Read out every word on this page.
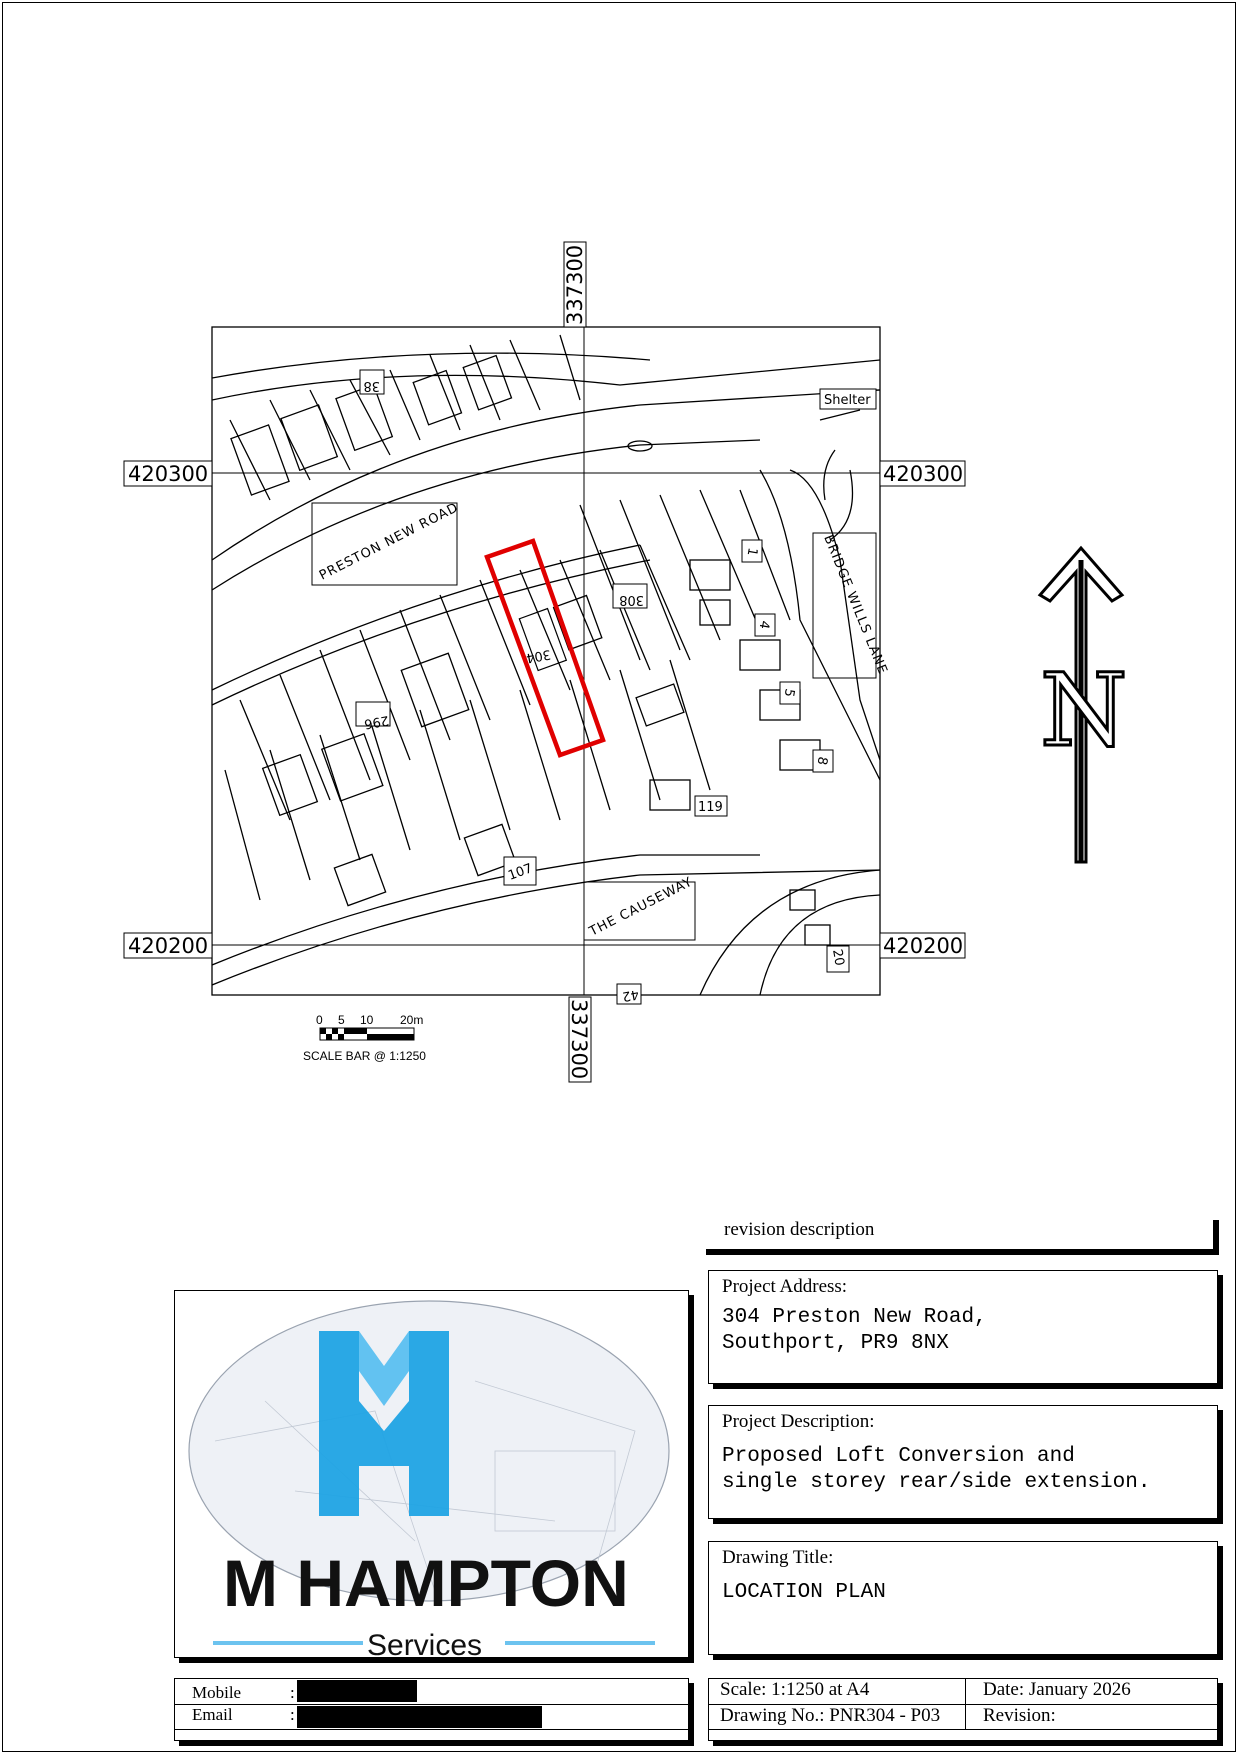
337300
337300
420300	420300
420200	420200
PRESTON NEW ROAD	BRIDGE WILLS LANE
THE CAUSEWAY
Shelter
38
308
304
296
1
4
5
8
119
107
20
42
N
0 5 10 20m
SCALE BAR @ 1:1250
revision description
Project Address:
304 Preston New Road,
Southport, PR9 8NX
Project Description:
Proposed Loft Conversion and
single storey rear/side extension.
Drawing Title:
LOCATION PLAN
M HAMPTON
Services
Mobile	:
Email	:
Scale: 1:1250 at A4	Date: January 2026
Drawing No.: PNR304 - P03 Revision:
